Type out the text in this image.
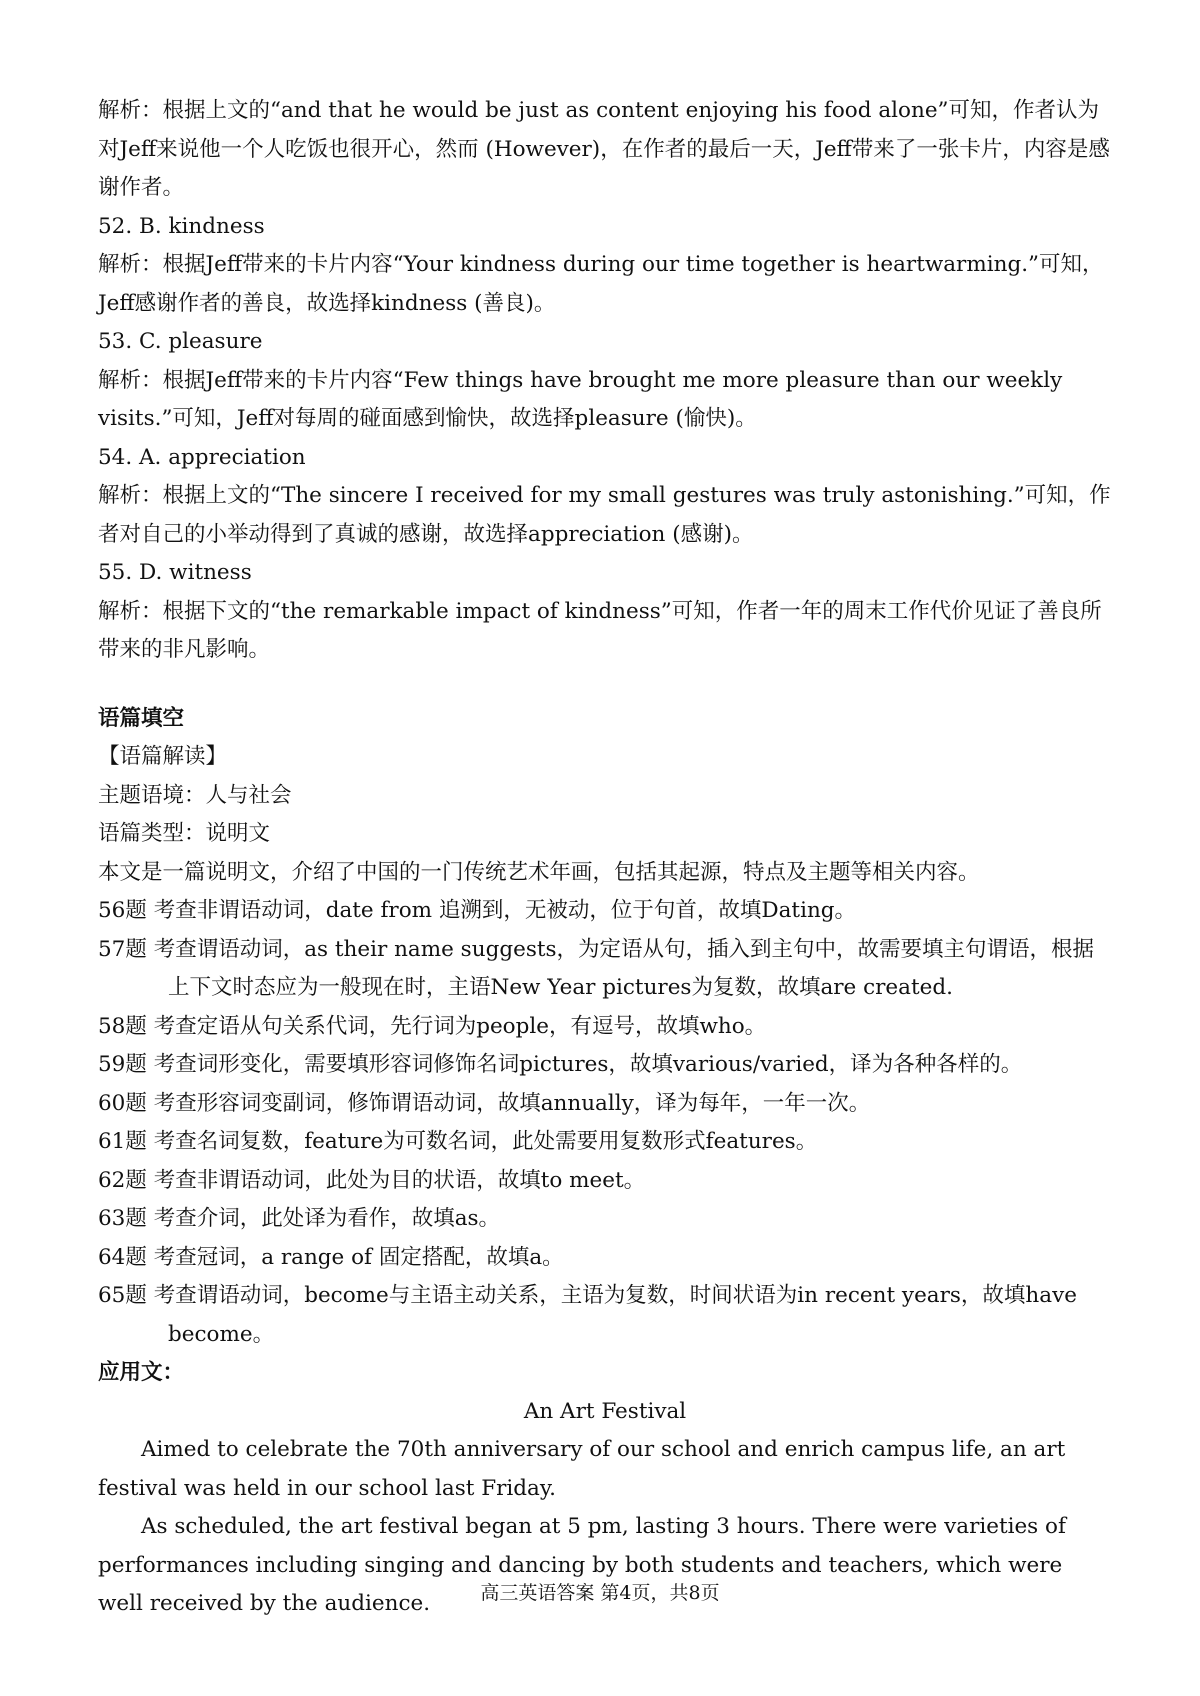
解析：根据上文的“and that he would be just as content enjoying his food alone”可知，作者认为对Jeff来说他一个人吃饭也很开心，然而 (However)，在作者的最后一天，Jeff带来了一张卡片，内容是感谢作者。

52. B. kindness

解析：根据Jeff带来的卡片内容“Your kindness during our time together is heartwarming.”可知，Jeff感谢作者的善良，故选择kindness (善良)。

53. C. pleasure

解析：根据Jeff带来的卡片内容“Few things have brought me more pleasure than our weekly visits.”可知，Jeff对每周的碰面感到愉快，故选择pleasure (愉快)。

54. A. appreciation

解析：根据上文的“The sincere I received for my small gestures was truly astonishing.”可知，作者对自己的小举动得到了真诚的感谢，故选择appreciation (感谢)。

55. D. witness

解析：根据下文的“the remarkable impact of kindness”可知，作者一年的周末工作代价见证了善良所带来的非凡影响。

语篇填空

【语篇解读】

主题语境：人与社会

语篇类型：说明文

本文是一篇说明文，介绍了中国的一门传统艺术年画，包括其起源，特点及主题等相关内容。

56题 考查非谓语动词，date from 追溯到，无被动，位于句首，故填Dating。

57题 考查谓语动词，as their name suggests，为定语从句，插入到主句中，故需要填主句谓语，根据上下文时态应为一般现在时，主语New Year pictures为复数，故填are created.

58题 考查定语从句关系代词，先行词为people，有逗号，故填who。

59题 考查词形变化，需要填形容词修饰名词pictures，故填various/varied，译为各种各样的。

60题 考查形容词变副词，修饰谓语动词，故填annually，译为每年，一年一次。

61题 考查名词复数，feature为可数名词，此处需要用复数形式features。

62题 考查非谓语动词，此处为目的状语，故填to meet。

63题 考查介词，此处译为看作，故填as。

64题 考查冠词，a range of 固定搭配，故填a。

65题 考查谓语动词，become与主语主动关系，主语为复数，时间状语为in recent years，故填have become。

应用文：

An Art Festival

Aimed to celebrate the 70th anniversary of our school and enrich campus life, an art festival was held in our school last Friday.

As scheduled, the art festival began at 5 pm, lasting 3 hours. There were varieties of performances including singing and dancing by both students and teachers, which were well received by the audience.	高三英语答案 第4页，共8页
